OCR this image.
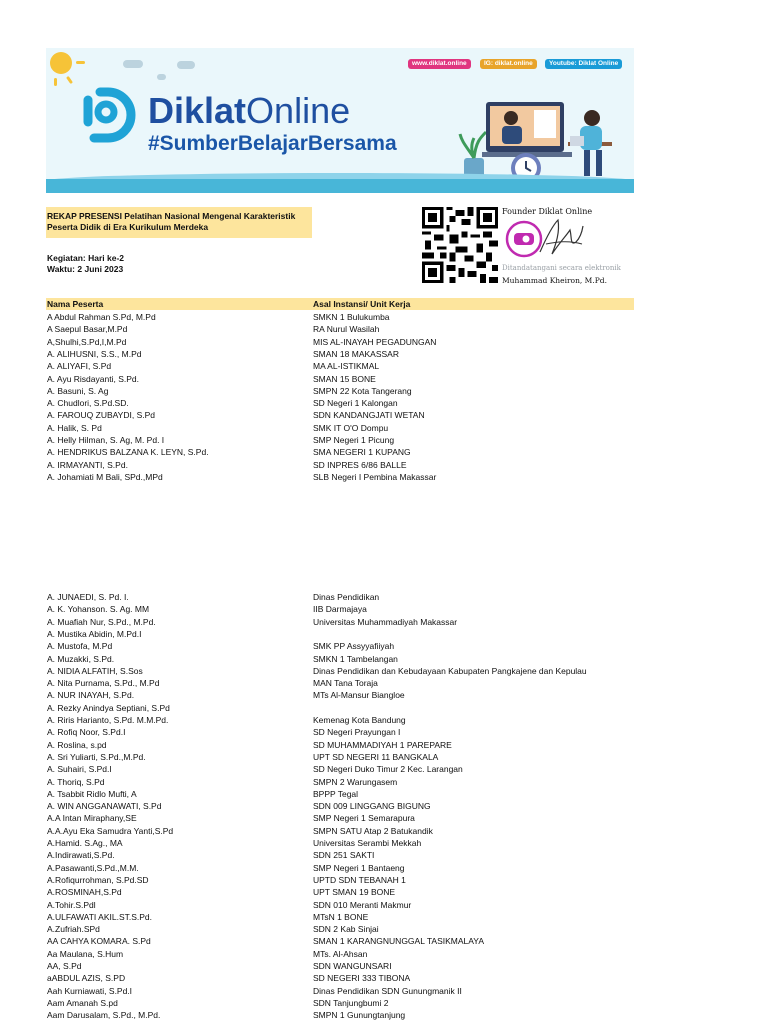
DiklatOnline
#SumberBelajarBersama
www.diklat.online	IG: diklat.online	Youtube: Diklat Online
REKAP PRESENSI Pelatihan Nasional Mengenal Karakteristik Peserta Didik di Era Kurikulum Merdeka
Kegiatan: Hari ke-2
Waktu: 2 Juni 2023
Founder Diklat Online
Ditandatangani secara elektronik
Muhammad Kheiron, M.Pd.
Nama Peserta	Asal Instansi/ Unit Kerja
A Abdul Rahman S.Pd, M.Pd	SMKN 1 Bulukumba
A Saepul Basar,M.Pd	RA Nurul Wasilah
A,Shulhi,S.Pd,I,M.Pd	MIS AL-INAYAH PEGADUNGAN
A. ALIHUSNI, S.S., M.Pd	SMAN 18 MAKASSAR
A. ALIYAFI, S.Pd	MA AL-ISTIKMAL
A. Ayu Risdayanti, S.Pd.	SMAN 15 BONE
A. Basuni, S. Ag	SMPN 22 Kota Tangerang
A. Chudlori, S.Pd.SD.	SD Negeri 1 Kalongan
A. FAROUQ ZUBAYDI, S.Pd	SDN KANDANGJATI WETAN
A. Halik, S. Pd	SMK IT O'O Dompu
A. Helly Hilman, S. Ag, M. Pd. I	SMP Negeri 1 Picung
A. HENDRIKUS BALZANA K. LEYN, S.Pd.	SMA NEGERI 1 KUPANG
A. IRMAYANTI, S.Pd.	SD INPRES 6/86 BALLE
A. Johamiati M Bali, SPd.,MPd	SLB Negeri I Pembina Makassar
A. JUNAEDI, S. Pd. I.	Dinas Pendidikan
A. K. Yohanson. S. Ag. MM	IIB Darmajaya
A. Muafiah Nur, S.Pd., M.Pd.	Universitas Muhammadiyah Makassar
A. Mustika Abidin, M.Pd.I
A. Mustofa, M.Pd	SMK PP Assyyafiiyah
A. Muzakki, S.Pd.	SMKN 1 Tambelangan
A. NIDIA ALFATIH, S.Sos	Dinas Pendidikan dan Kebudayaan Kabupaten Pangkajene dan Kepulau
A. Nita Purnama, S.Pd., M.Pd	MAN Tana Toraja
A. NUR INAYAH, S.Pd.	MTs Al-Mansur Biangloe
A. Rezky Anindya Septiani, S.Pd
A. Riris Harianto, S.Pd. M.M.Pd.	Kemenag Kota Bandung
A. Rofiq Noor, S.Pd.I	SD Negeri Prayungan I
A. Roslina, s.pd	SD MUHAMMADIYAH 1 PAREPARE
A. Sri Yuliarti, S.Pd.,M.Pd.	UPT SD NEGERI 11 BANGKALA
A. Suhairi, S.Pd.I	SD Negeri Duko Timur 2 Kec. Larangan
A. Thoriq, S.Pd	SMPN 2 Warungasem
A. Tsabbit Ridlo Mufti, A	BPPP Tegal
A. WIN ANGGANAWATI, S.Pd	SDN 009 LINGGANG BIGUNG
A.A Intan Miraphany,SE	SMP Negeri 1 Semarapura
A.A.Ayu Eka Samudra Yanti,S.Pd	SMPN SATU Atap 2 Batukandik
A.Hamid. S.Ag., MA	Universitas Serambi Mekkah
A.Indirawati,S.Pd.	SDN 251 SAKTI
A.Pasawanti,S.Pd.,M.M.	SMP Negeri 1 Bantaeng
A.Rofiqurrohman, S.Pd.SD	UPTD SDN TEBANAH 1
A.ROSMINAH,S.Pd	UPT SMAN 19 BONE
A.Tohir.S.Pdl	SDN 010 Meranti Makmur
A.ULFAWATI AKIL.ST.S.Pd.	MTsN 1 BONE
A.Zufriah.SPd	SDN 2 Kab Sinjai
AA CAHYA KOMARA. S.Pd	SMAN 1 KARANGNUNGGAL TASIKMALAYA
Aa Maulana, S.Hum	MTs. Al-Ahsan
AA, S.Pd	SDN WANGUNSARI
aABDUL AZIS, S.PD	SD NEGERI 333 TIBONA
Aah Kurniawati, S.Pd.I	Dinas Pendidikan SDN Gunungmanik II
Aam Amanah S.pd	SDN Tanjungbumi 2
Aam Darusalam, S.Pd., M.Pd.	SMPN 1 Gunungtanjung
